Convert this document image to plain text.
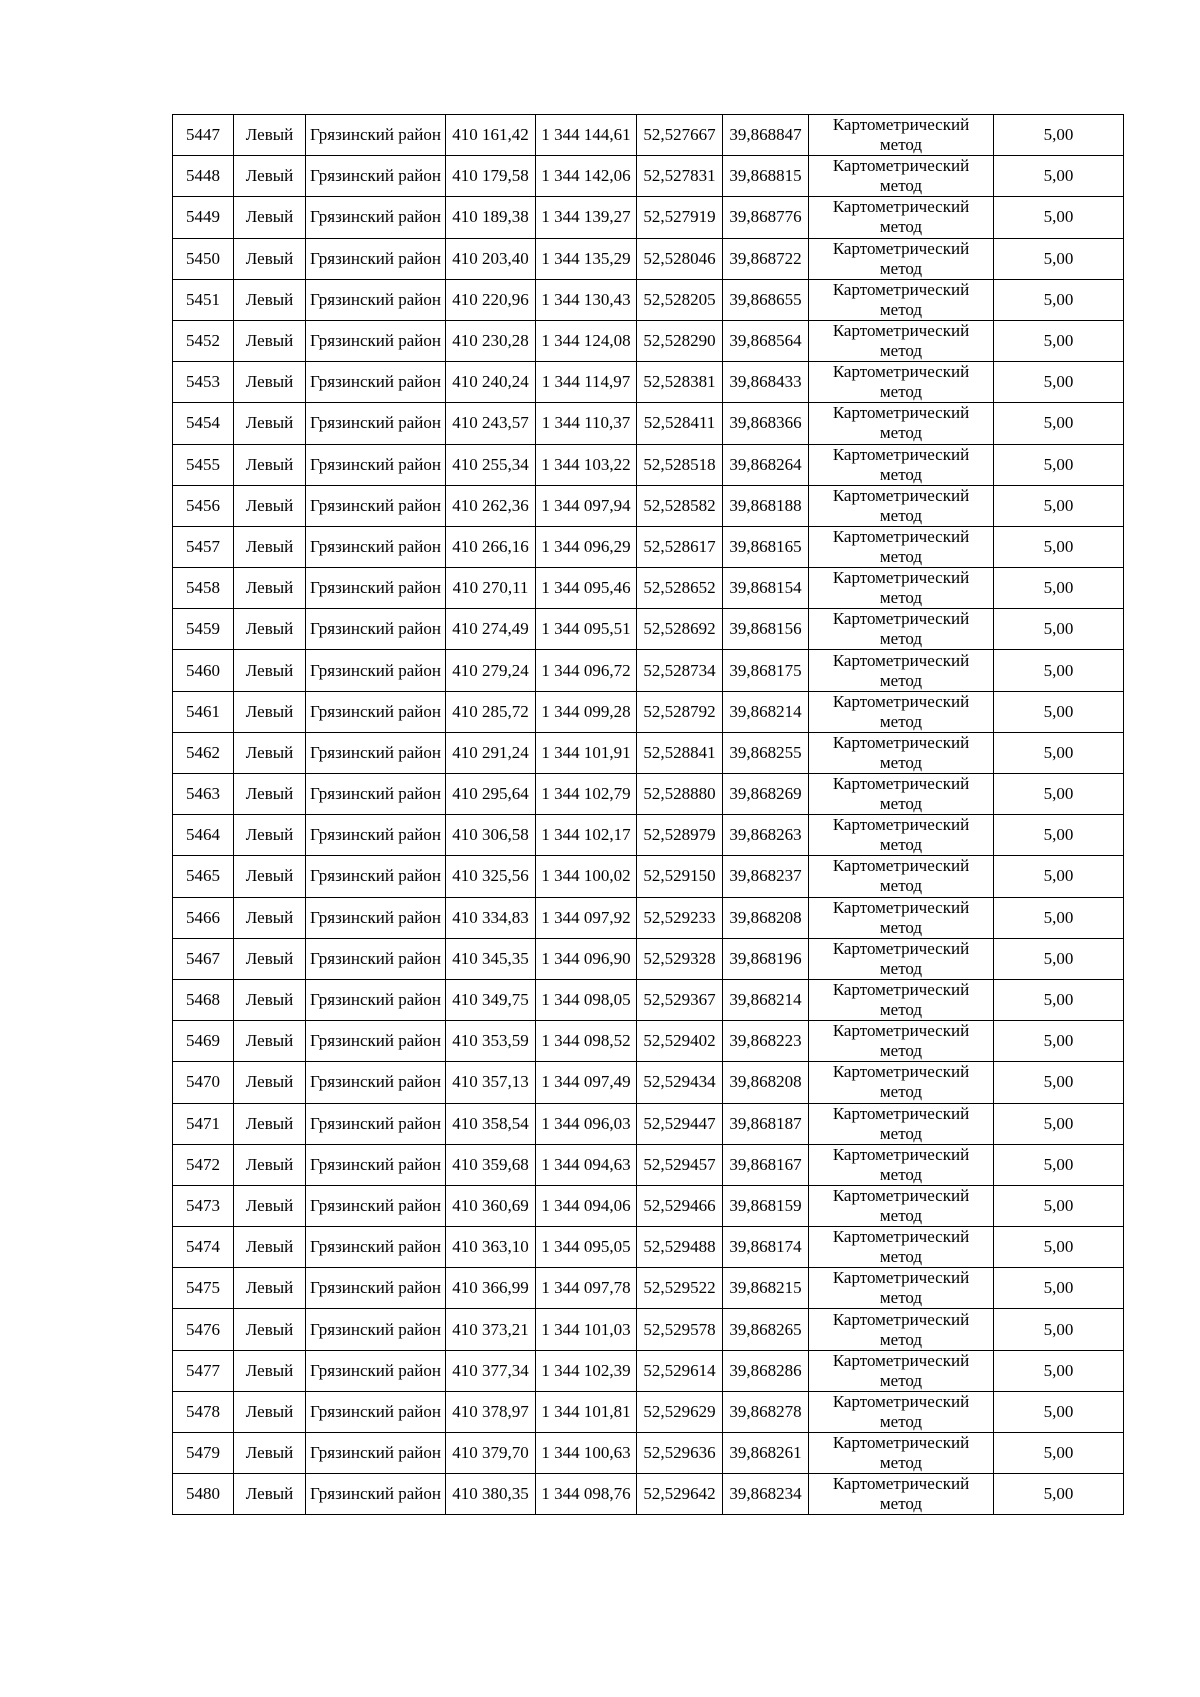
5447	Левый	Грязинский район	410 161,42	1 344 144,61	52,527667	39,868847	Картометрический метод	5,00
5448	Левый	Грязинский район	410 179,58	1 344 142,06	52,527831	39,868815	Картометрический метод	5,00
5449	Левый	Грязинский район	410 189,38	1 344 139,27	52,527919	39,868776	Картометрический метод	5,00
5450	Левый	Грязинский район	410 203,40	1 344 135,29	52,528046	39,868722	Картометрический метод	5,00
5451	Левый	Грязинский район	410 220,96	1 344 130,43	52,528205	39,868655	Картометрический метод	5,00
5452	Левый	Грязинский район	410 230,28	1 344 124,08	52,528290	39,868564	Картометрический метод	5,00
5453	Левый	Грязинский район	410 240,24	1 344 114,97	52,528381	39,868433	Картометрический метод	5,00
5454	Левый	Грязинский район	410 243,57	1 344 110,37	52,528411	39,868366	Картометрический метод	5,00
5455	Левый	Грязинский район	410 255,34	1 344 103,22	52,528518	39,868264	Картометрический метод	5,00
5456	Левый	Грязинский район	410 262,36	1 344 097,94	52,528582	39,868188	Картометрический метод	5,00
5457	Левый	Грязинский район	410 266,16	1 344 096,29	52,528617	39,868165	Картометрический метод	5,00
5458	Левый	Грязинский район	410 270,11	1 344 095,46	52,528652	39,868154	Картометрический метод	5,00
5459	Левый	Грязинский район	410 274,49	1 344 095,51	52,528692	39,868156	Картометрический метод	5,00
5460	Левый	Грязинский район	410 279,24	1 344 096,72	52,528734	39,868175	Картометрический метод	5,00
5461	Левый	Грязинский район	410 285,72	1 344 099,28	52,528792	39,868214	Картометрический метод	5,00
5462	Левый	Грязинский район	410 291,24	1 344 101,91	52,528841	39,868255	Картометрический метод	5,00
5463	Левый	Грязинский район	410 295,64	1 344 102,79	52,528880	39,868269	Картометрический метод	5,00
5464	Левый	Грязинский район	410 306,58	1 344 102,17	52,528979	39,868263	Картометрический метод	5,00
5465	Левый	Грязинский район	410 325,56	1 344 100,02	52,529150	39,868237	Картометрический метод	5,00
5466	Левый	Грязинский район	410 334,83	1 344 097,92	52,529233	39,868208	Картометрический метод	5,00
5467	Левый	Грязинский район	410 345,35	1 344 096,90	52,529328	39,868196	Картометрический метод	5,00
5468	Левый	Грязинский район	410 349,75	1 344 098,05	52,529367	39,868214	Картометрический метод	5,00
5469	Левый	Грязинский район	410 353,59	1 344 098,52	52,529402	39,868223	Картометрический метод	5,00
5470	Левый	Грязинский район	410 357,13	1 344 097,49	52,529434	39,868208	Картометрический метод	5,00
5471	Левый	Грязинский район	410 358,54	1 344 096,03	52,529447	39,868187	Картометрический метод	5,00
5472	Левый	Грязинский район	410 359,68	1 344 094,63	52,529457	39,868167	Картометрический метод	5,00
5473	Левый	Грязинский район	410 360,69	1 344 094,06	52,529466	39,868159	Картометрический метод	5,00
5474	Левый	Грязинский район	410 363,10	1 344 095,05	52,529488	39,868174	Картометрический метод	5,00
5475	Левый	Грязинский район	410 366,99	1 344 097,78	52,529522	39,868215	Картометрический метод	5,00
5476	Левый	Грязинский район	410 373,21	1 344 101,03	52,529578	39,868265	Картометрический метод	5,00
5477	Левый	Грязинский район	410 377,34	1 344 102,39	52,529614	39,868286	Картометрический метод	5,00
5478	Левый	Грязинский район	410 378,97	1 344 101,81	52,529629	39,868278	Картометрический метод	5,00
5479	Левый	Грязинский район	410 379,70	1 344 100,63	52,529636	39,868261	Картометрический метод	5,00
5480	Левый	Грязинский район	410 380,35	1 344 098,76	52,529642	39,868234	Картометрический метод	5,00
